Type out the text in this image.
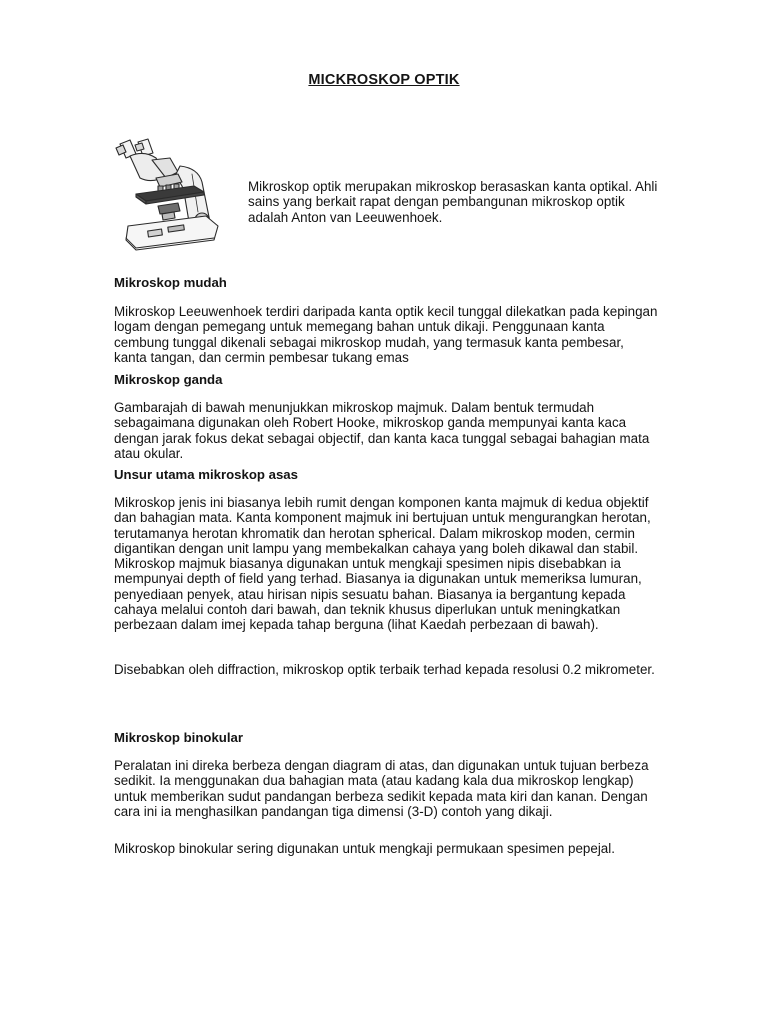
MICKROSKOP OPTIK
Mikroskop optik merupakan mikroskop berasaskan kanta optikal. Ahli sains yang berkait rapat dengan pembangunan mikroskop optik adalah Anton van Leeuwenhoek.
Mikroskop mudah

Mikroskop Leeuwenhoek terdiri daripada kanta optik kecil tunggal dilekatkan pada kepingan logam dengan pemegang untuk memegang bahan untuk dikaji. Penggunaan kanta cembung tunggal dikenali sebagai mikroskop mudah, yang termasuk kanta pembesar, kanta tangan, dan cermin pembesar tukang emas

Mikroskop ganda

Gambarajah di bawah menunjukkan mikroskop majmuk. Dalam bentuk termudah sebagaimana digunakan oleh Robert Hooke, mikroskop ganda mempunyai kanta kaca dengan jarak fokus dekat sebagai objectif, dan kanta kaca tunggal sebagai bahagian mata atau okular.

Unsur utama mikroskop asas

Mikroskop jenis ini biasanya lebih rumit dengan komponen kanta majmuk di kedua objektif dan bahagian mata. Kanta komponent majmuk ini bertujuan untuk mengurangkan herotan, terutamanya herotan khromatik dan herotan spherical. Dalam mikroskop moden, cermin digantikan dengan unit lampu yang membekalkan cahaya yang boleh dikawal dan stabil. Mikroskop majmuk biasanya digunakan untuk mengkaji spesimen nipis disebabkan ia mempunyai depth of field yang terhad. Biasanya ia digunakan untuk memeriksa lumuran, penyediaan penyek, atau hirisan nipis sesuatu bahan. Biasanya ia bergantung kepada cahaya melalui contoh dari bawah, dan teknik khusus diperlukan untuk meningkatkan perbezaan dalam imej kepada tahap berguna (lihat Kaedah perbezaan di bawah).

Disebabkan oleh diffraction, mikroskop optik terbaik terhad kepada resolusi 0.2 mikrometer.

Mikroskop binokular

Peralatan ini direka berbeza dengan diagram di atas, dan digunakan untuk tujuan berbeza sedikit. Ia menggunakan dua bahagian mata (atau kadang kala dua mikroskop lengkap) untuk memberikan sudut pandangan berbeza sedikit kepada mata kiri dan kanan. Dengan cara ini ia menghasilkan pandangan tiga dimensi (3-D) contoh yang dikaji.

Mikroskop binokular sering digunakan untuk mengkaji permukaan spesimen pepejal.
